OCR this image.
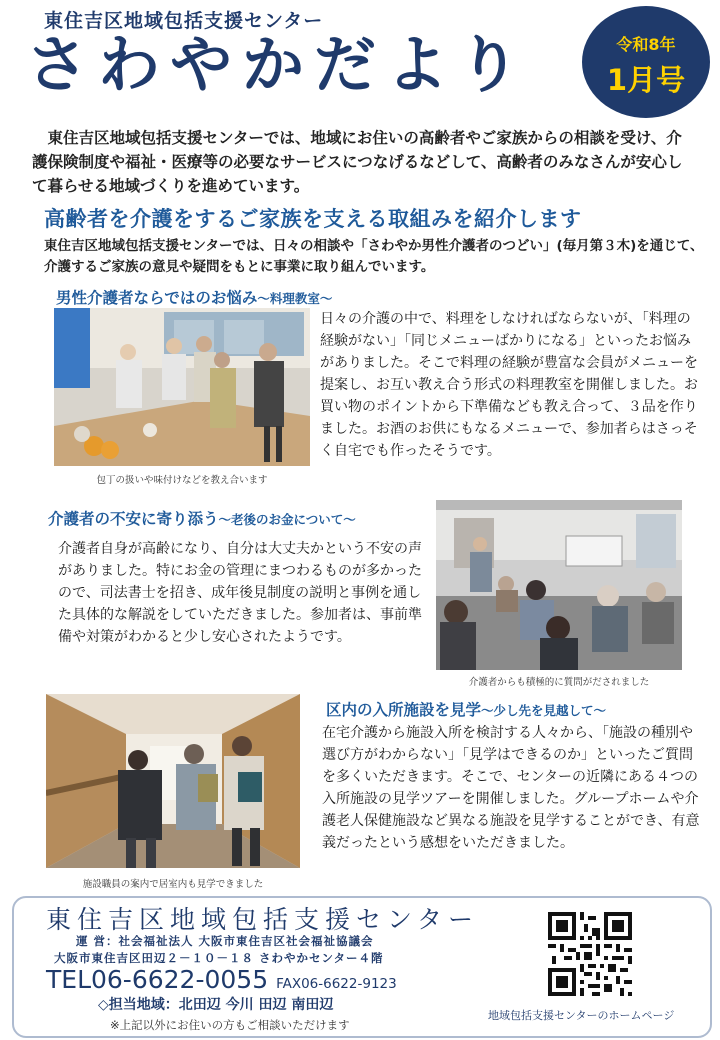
東住吉区地域包括支援センター
さわやかだより	令和8年
1月号
　東住吉区地域包括支援センターでは、地域にお住いの高齢者やご家族からの相談を受け、介護保険制度や福祉・医療等の必要なサービスにつなげるなどして、高齢者のみなさんが安心して暮らせる地域づくりを進めています。
高齢者を介護をするご家族を支える取組みを紹介します
東住吉区地域包括支援センターでは、日々の相談や「さわやか男性介護者のつどい」(毎月第３木)を通じて、介護するご家族の意見や疑問をもとに事業に取り組んでいます。
男性介護者ならではのお悩み～料理教室～
包丁の扱いや味付けなどを教え合います
日々の介護の中で、料理をしなければならないが、「料理の経験がない」「同じメニューばかりになる」といったお悩みがありました。そこで料理の経験が豊富な会員がメニューを提案し、お互い教え合う形式の料理教室を開催しました。お買い物のポイントから下準備なども教え合って、３品を作りました。お酒のお供にもなるメニューで、参加者らはさっそく自宅でも作ったそうです。
介護者の不安に寄り添う～老後のお金について～
介護者自身が高齢になり、自分は大丈夫かという不安の声がありました。特にお金の管理にまつわるものが多かったので、司法書士を招き、成年後見制度の説明と事例を通した具体的な解説をしていただきました。参加者は、事前準備や対策がわかると少し安心されたようです。
介護者からも積極的に質問がだされました
施設職員の案内で居室内も見学できました
区内の入所施設を見学～少し先を見越して～
在宅介護から施設入所を検討する人々から、「施設の種別や選び方がわからない」「見学はできるのか」といったご質問を多くいただきます。そこで、センターの近隣にある４つの入所施設の見学ツアーを開催しました。グループホームや介護老人保健施設など異なる施設を見学することができ、有意義だったという感想をいただきました。
東住吉区地域包括支援センター
運 営：社会福祉法人 大阪市東住吉区社会福祉協議会
大阪市東住吉区田辺２－１０－１８ さわやかセンター４階
TEL06-6622-0055 FAX06-6622-9123
◇担当地域：北田辺 今川 田辺 南田辺
※上記以外にお住いの方もご相談いただけます
地域包括支援センターのホームページ
